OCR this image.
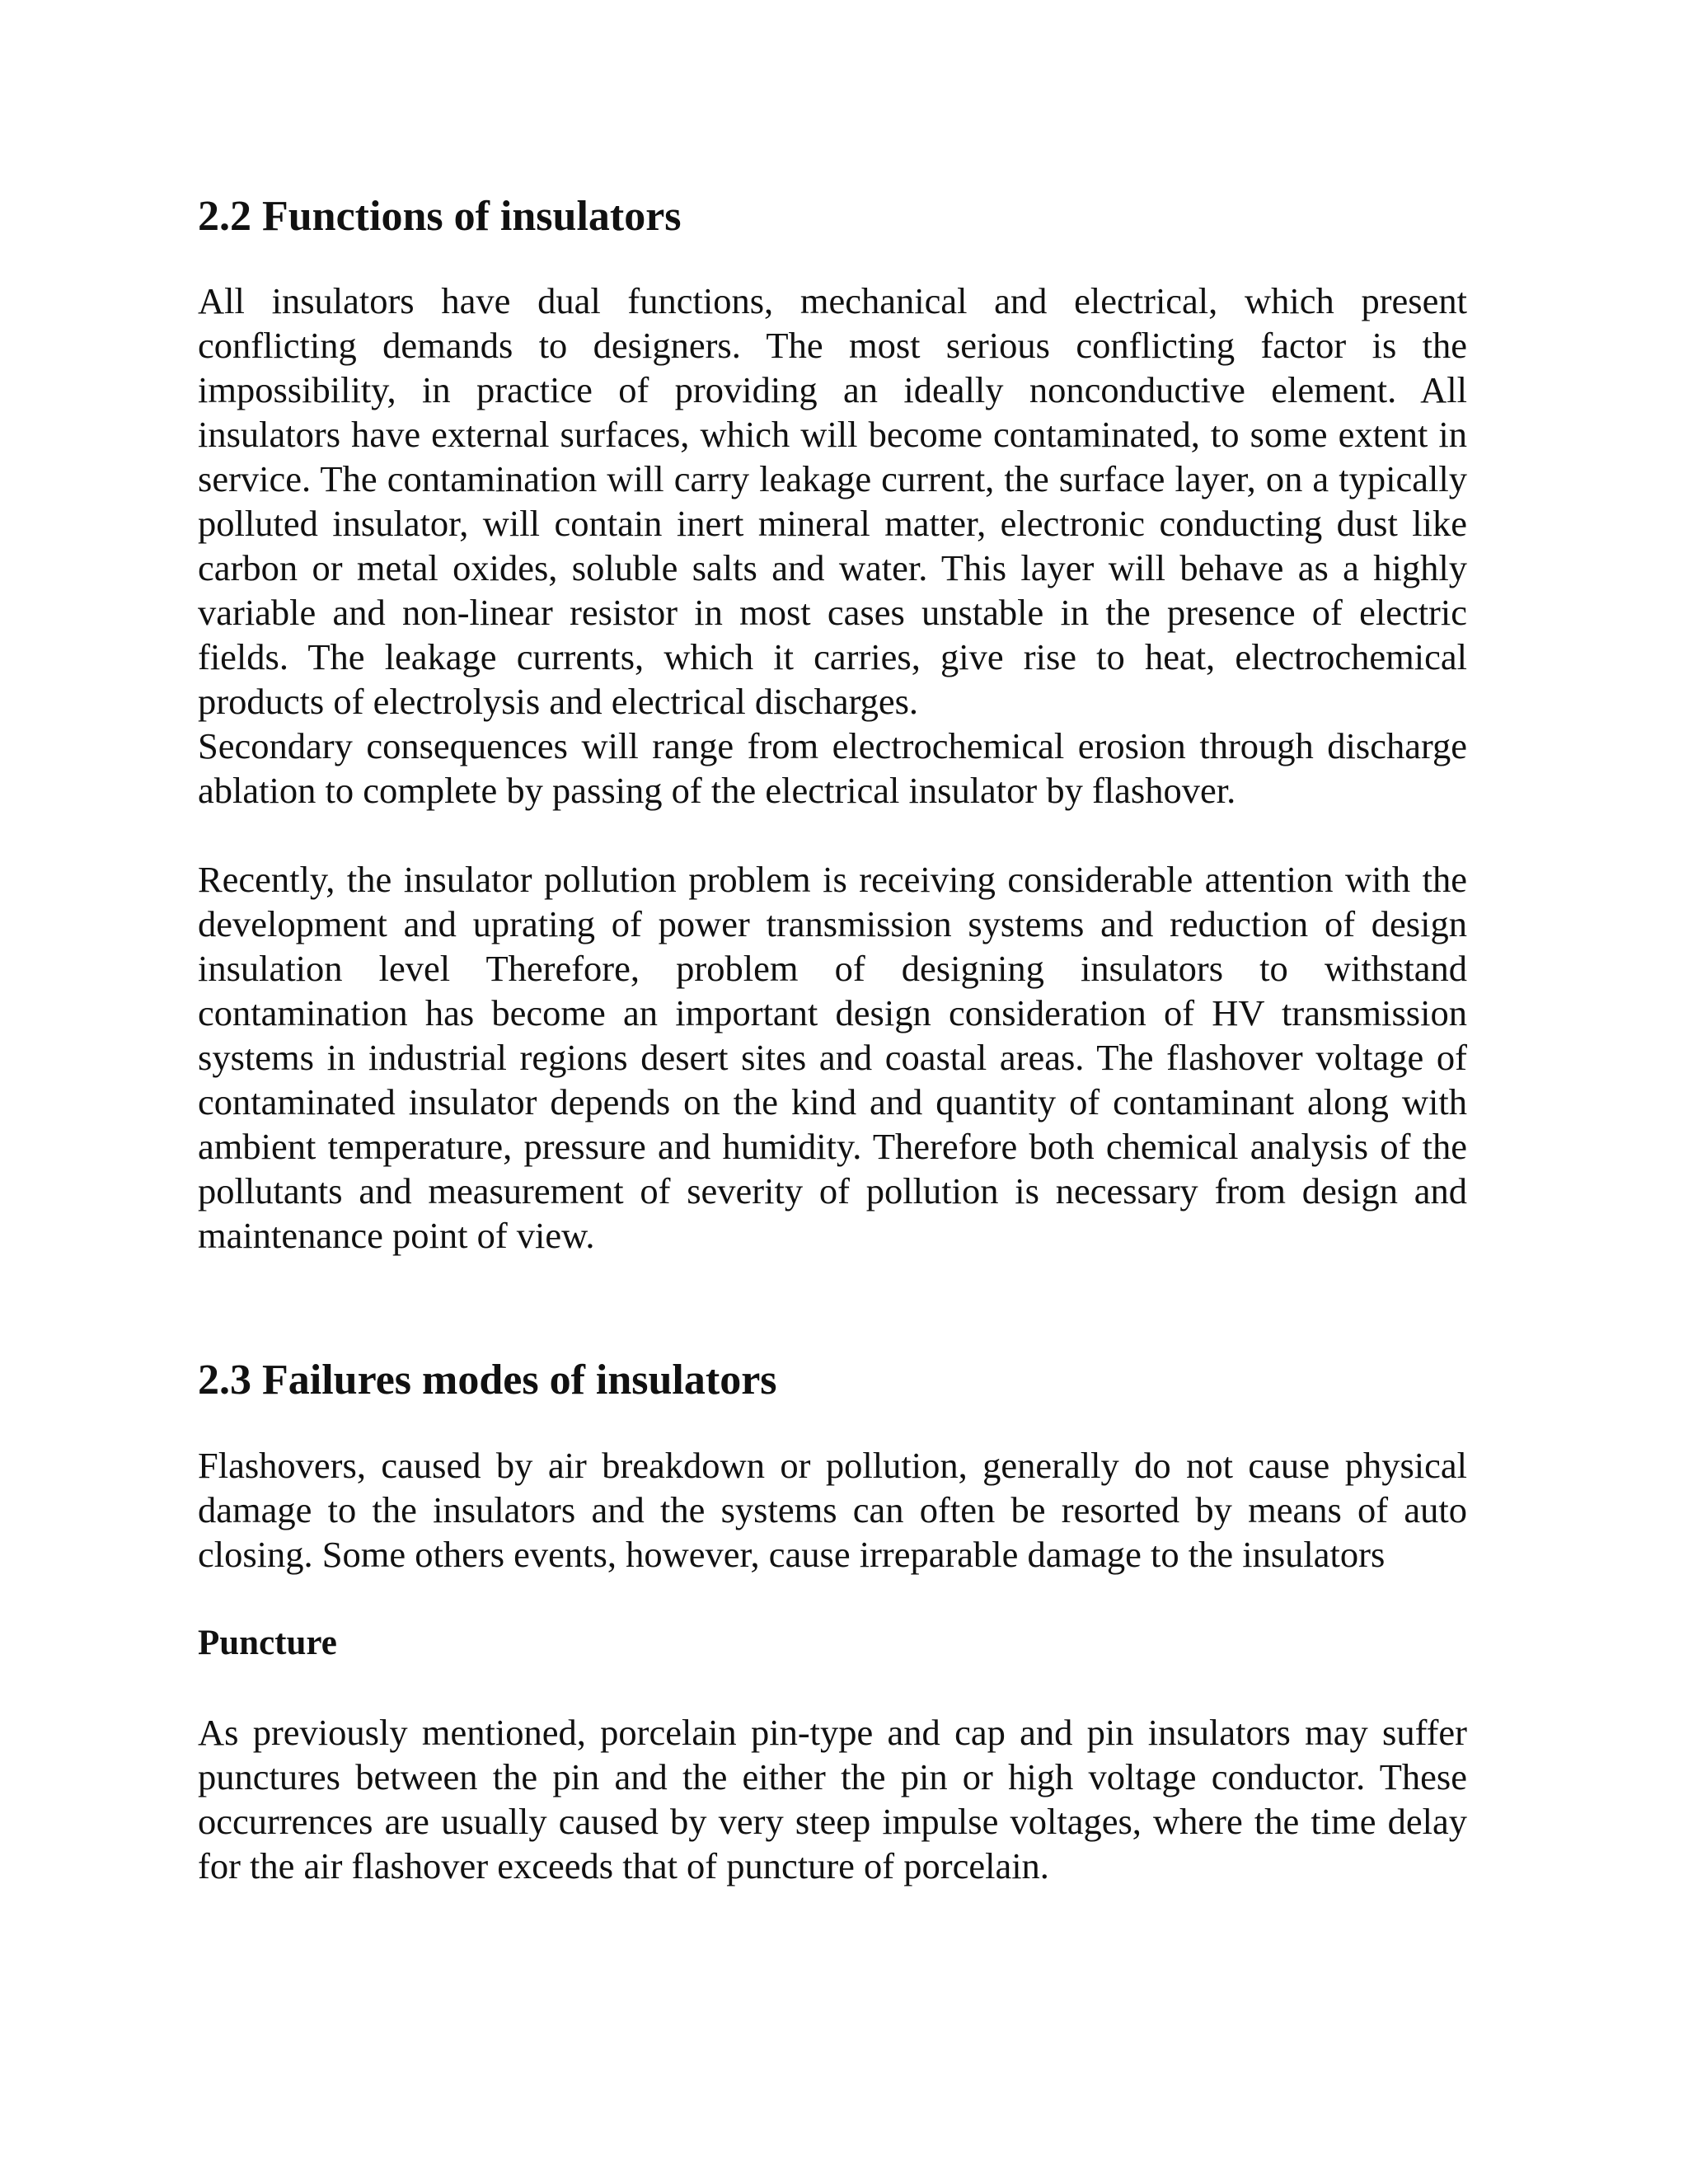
2.2 Functions of insulators

All insulators have dual functions, mechanical and electrical, which present conflicting demands to designers. The most serious conflicting factor is the impossibility, in practice of providing an ideally nonconductive element. All insulators have external surfaces, which will become contaminated, to some extent in service. The contamination will carry leakage current, the surface layer, on a typically polluted insulator, will contain inert mineral matter, electronic conducting dust like carbon or metal oxides, soluble salts and water. This layer will behave as a highly variable and non-linear resistor in most cases unstable in the presence of electric fields. The leakage currents, which it carries, give rise to heat, electrochemical products of electrolysis and electrical discharges.

Secondary consequences will range from electrochemical erosion through discharge ablation to complete by passing of the electrical insulator by flashover.

Recently, the insulator pollution problem is receiving considerable attention with the development and uprating of power transmission systems and reduction of design insulation level Therefore, problem of designing insulators to withstand contamination has become an important design consideration of HV transmission systems in industrial regions desert sites and coastal areas. The flashover voltage of contaminated insulator depends on the kind and quantity of contaminant along with ambient temperature, pressure and humidity. Therefore both chemical analysis of the pollutants and measurement of severity of pollution is necessary from design and maintenance point of view.

2.3 Failures modes of insulators

Flashovers, caused by air breakdown or pollution, generally do not cause physical damage to the insulators and the systems can often be resorted by means of auto closing. Some others events, however, cause irreparable damage to the insulators

Puncture

As previously mentioned, porcelain pin-type and cap and pin insulators may suffer punctures between the pin and the either the pin or high voltage conductor. These occurrences are usually caused by very steep impulse voltages, where the time delay for the air flashover exceeds that of puncture of porcelain.
